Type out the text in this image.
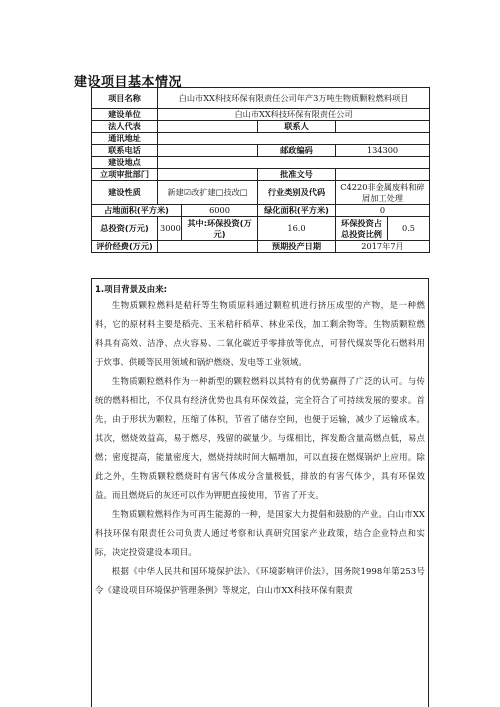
建设项目基本情况
项目名称	白山市XX科技环保有限责任公司年产3万吨生物质颗粒燃料项目				
建设单位	白山市XX科技环保有限责任公司				
法人代表			联系人		
通讯地址					
联系电话			邮政编码	134300	
建设地点					
立项审批部门			批准文号		
建设性质	新建☑改扩建□技改□		行业类别及代码	C4220非金属废料和碎屑加工处理	
占地面积(平方米)		6000	绿化面积(平方米)	0	
总投资(万元)	3000	其中:环保投资(万元)	16.0	环保投资占总投资比例	0.5
评价经费(万元)			预期投产日期	2017年7月	
1.项目背景及由来:

生物质颗粒燃料是秸秆等生物质原料通过颗粒机进行挤压成型的产物，是一种燃料，它的原材料主要是稻壳、玉米秸秆稻草、林业采伐，加工剩余物等。生物质颗粒燃料具有高效、洁净、点火容易、二氧化碳近乎零排放等优点，可替代煤炭等化石燃料用于炊事、供暖等民用领域和锅炉燃烧、发电等工业领域。

生物质颗粒燃料作为一种新型的颗粒燃料以其特有的优势赢得了广泛的认可。与传统的燃料相比，不仅具有经济优势也具有环保效益，完全符合了可持续发展的要求。首先，由于形状为颗粒，压缩了体积，节省了储存空间，也便于运输，减少了运输成本。其次，燃烧效益高，易于燃尽，残留的碳量少。与煤相比，挥发酚含量高燃点低，易点燃；密度提高，能量密度大，燃烧持续时间大幅增加，可以直接在燃煤锅炉上应用。除此之外，生物质颗粒燃烧时有害气体成分含量极低，排放的有害气体少，具有环保效益。而且燃烧后的灰还可以作为钾肥直接使用，节省了开支。

生物质颗粒燃料作为可再生能源的一种，是国家大力提倡和鼓励的产业。白山市XX科技环保有限责任公司负责人通过考察和认真研究国家产业政策，结合企业特点和实际，决定投资建设本项目。

根据《中华人民共和国环境保护法》、《环境影响评价法》，国务院1998年第253号令《建设项目环境保护管理条例》等规定，白山市XX科技环保有限责
